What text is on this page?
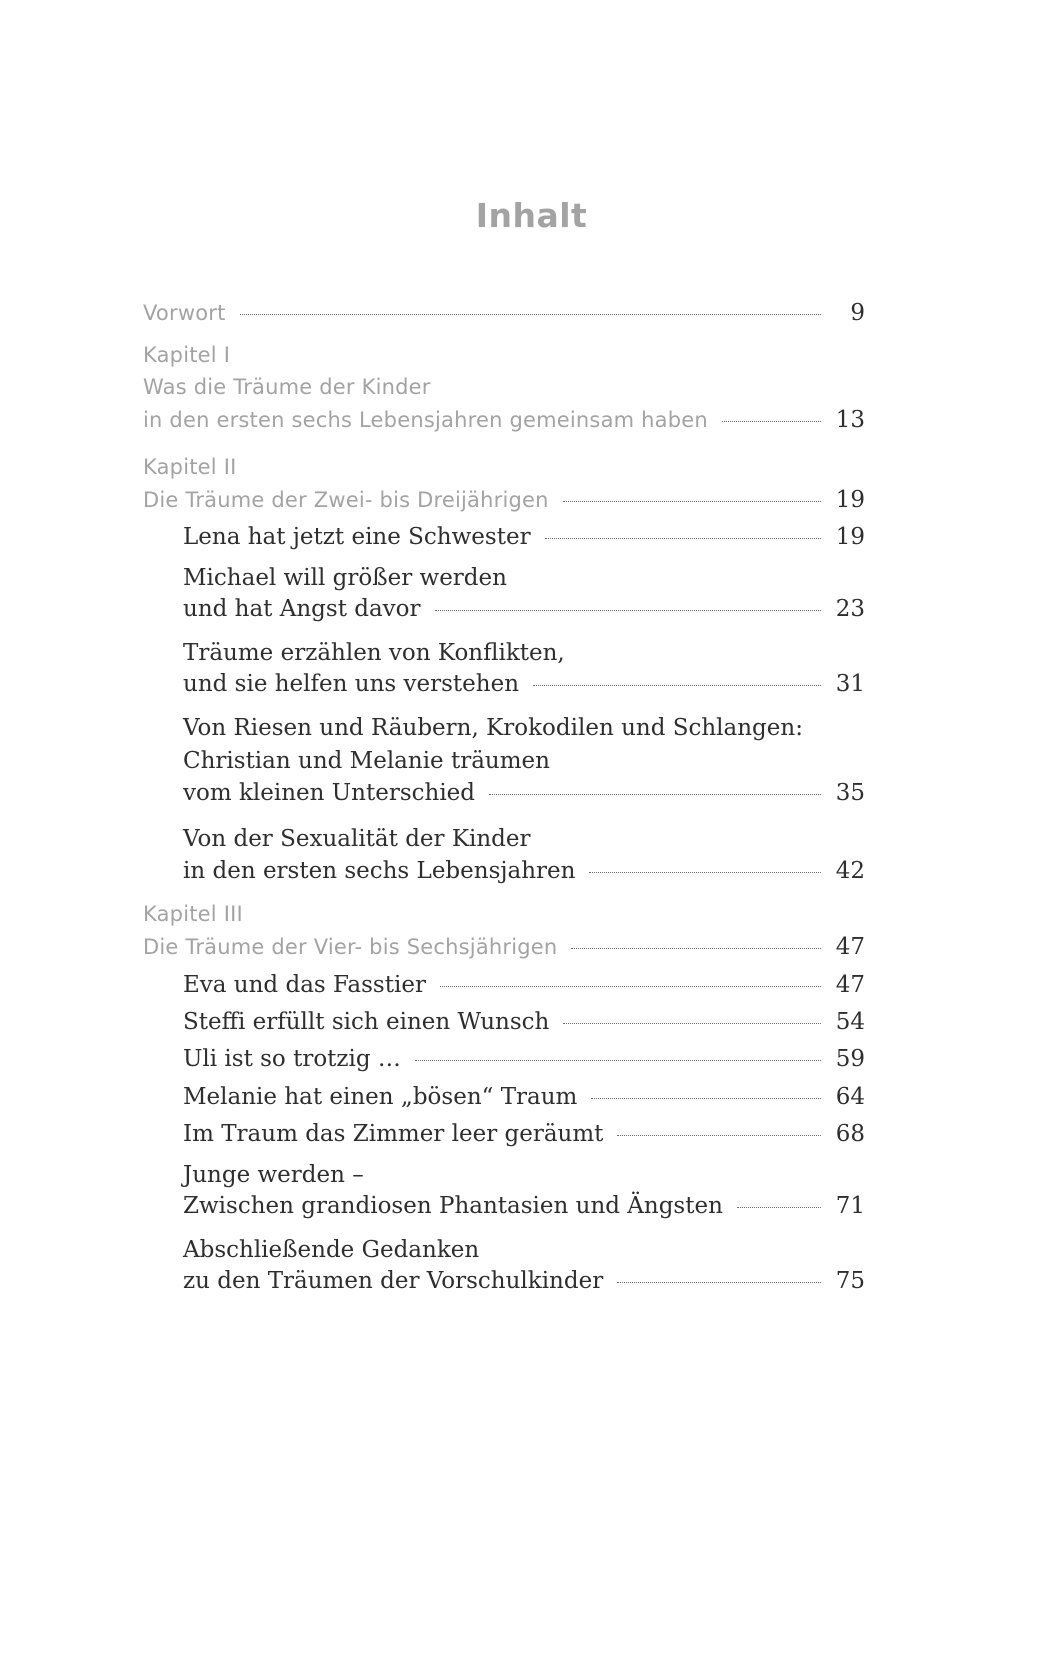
Inhalt
Vorwort	9
Kapitel I
Was die Träume der Kinder
in den ersten sechs Lebensjahren gemeinsam haben	13
Kapitel II
Die Träume der Zwei- bis Dreijährigen	19
Lena hat jetzt eine Schwester	19
Michael will größer werden
und hat Angst davor	23
Träume erzählen von Konflikten,
und sie helfen uns verstehen	31
Von Riesen und Räubern, Krokodilen und Schlangen:
Christian und Melanie träumen
vom kleinen Unterschied	35
Von der Sexualität der Kinder
in den ersten sechs Lebensjahren	42
Kapitel III
Die Träume der Vier- bis Sechsjährigen	47
Eva und das Fasstier	47
Steffi erfüllt sich einen Wunsch	54
Uli ist so trotzig …	59
Melanie hat einen „bösen“ Traum	64
Im Traum das Zimmer leer geräumt	68
Junge werden –
Zwischen grandiosen Phantasien und Ängsten	71
Abschließende Gedanken
zu den Träumen der Vorschulkinder	75
